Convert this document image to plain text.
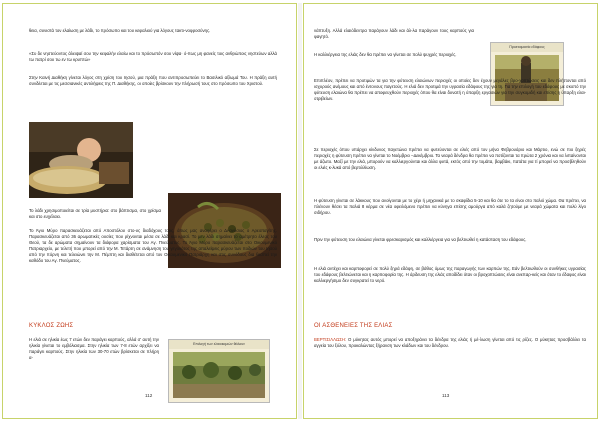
θεια, συνιστά τον ελαίωση με λάδι, το πρόσωπο και του κεφαλιού για λόγους τακτι-νοφροσύνης.
«Συ δε νηστεύοντος άλειψαί σου την κεφαλήν ελαίω και το πρόσωπόν σου νίψα· ό-πως μη φανείς τοις ανθρώποις νηστεύων αλλά τω πατρί σου τω εν τω κρυπτώ»
Στην Καινή Διαθήκη γίνεται λόγος στη χρίση του Ιησού, μια πράξη που αντιπροσωπεύει το Βασιλικό αξίωμά Του. Η πράξη αυτή συνδέεται με τις μεσσιανικές αντιλήψεις της Π. Διαθήκης, οι οποίες βρίσκουν την πλήρωσή τους στο πρόσωπο του Χριστού.
Το λάδι χρησιμοποιείται σε τρία μυστήρια: στο βάπτισμα, στο χρίσμα και στο ευχέλαιο.
Το Άγιο Μύρο παρασκευάζεται από Αποστόλου στο-υς διαδόχους τους, όπως μας αναφέρει ο Δι-ονύσιος ο Αρεοπαγίτης. Παρασκευάζεται από 36 αρωματικές ουσίες που ρίχνονται μέσα σε λάδι και κρασί. Το μεν λάδι σημαίνει το αμέτρητο έλεος του Θεού, τα δε αρώματα σημαίνουν τα διάφορα χαρίσματα του Αγ. Πνεύματος. Το Άγιο Μύρο παρασκευάζεται στο Οικουμενικό Πατριαρχείο, με τελετή που μπορεί από την Μ. Τετάρτη σε ανάμνηση του γεγονότος της απαλείψεις μύρου των ποδιών του Ιησού από την πόρνη και τελειώνει την Μ. Πέμπτη και διαθέτεται από τον Οικουμενικό Πατριάρχη και στις συνόδους δια θεσπεί την καθόδο του Αγ. Πνεύματος.
ΚΥΚΛΟΣ ΖΩΗΣ
Η ελιά σε ηλικία έως 7 ετών δεν παράγει καρπούς, αλλά σ' αυτή την ηλικία γίνεται το εμβόλιασμα. Στην ηλικία των 7-8 ετών αρχίζει να παράγει καρπούς. Στην ηλικία των 30-70 ετών βρίσκεται σε πλήρη α-
Επιλογή των ελαιοκομιών θάλουν
112
νάπτυξη. Αλλά ελαιόδεντρα παράγουν λάδι και άλ-λα παράγουν τους καρπούς για φαγητό.
Η καλλιέργεια της ελιάς δεν θα πρέπει να γίνεται σε πολύ ψυχρές περιοχές.
Προετοιμασία εδάφους
Επιπλέον, πρέπει να προτιμών τα για την φύτευση ελαιώνων περιοχές οι οποίες δεν έχουν μεγάλες βρο-χοπτώσεις και δεν πλήττονται από ισχυρούς ανέμους και από έντονους παγετούς. Η ελιά δεν προτιμά την υγρασία εδάφους της για τη. Για την επιλογή του εδάφους με σκοπό την φύτευση ελαιώνα θα πρέπει να αποφευχθούν περιοχές όπου θα είναι δυνατή η ύπαρξη εργασιών για την συγκομιδή και επίσης η ύπαρξη ελαι-οτριβείων.
Σε περιοχές όπου υπάρχει κίνδυνος παγετώνα πρέπει να φυτεύονται σε ελιές από τον μήνα Φεβρουάριο και Μάρτιο, ενώ σε πιο ξηρές περιοχές η φύτευση πρέπει να γίνεται το Νοέμβριο –Δεκέμβριο. Τα νεαρά δένδρα θα πρέπει να ποτίζονται τα πρώτα 2 χρόνια και να λιπαίνονται με άζωτο. Μαζί με την ελιά, μπορούν να καλλιεργούνται και άλλα φυτά, εκτός από την τομάτα, βαμβάκι, πατάτα για τί μπορεί να προσβληθούν οι ελιές κ-λυκά από βερτιλλίωση.
Η φύτευση γίνεται σε λάκκους που ανοίγονται με το χέρι ή μηχανικά με το σκαφίδια 5-10 και θα ότε το τα είναι στο παλιό χώμα. Θα πρέπει, να πλένουν θέσει τα παλιά 8 κέρμα σε νέα οφειλόμενο πρέπει να κύνηγα επίσης αμούργα από καλά ζητούμε με νεαρά χώματα και πολύ λίγο σιδήρου.
Πριν την φύτευση του ελαιώνα γίνεται φρεσκαρισμός και καλλιέργεια για να βελτιωθεί η κατάσταση του εδάφους.
Η ελιά αντέχει και καρποφορεί σε πολύ ξηρά εδάφη, σε βάθος όμως της παραγωγής των καρπών της. Εάν βελτιωθούν οι συνθήκες υγρασίας του εδάφους βελτιώνεται και η καρποφορία της. Η άρδευση της ελιάς αποδίδει όταν οι βροχοπτώσεις είναι ανεπαρ-κείς και όταν το έδαφος είναι καλλιεργήσιμο δεν συγκρατεί το νερό.
ΟΙ ΑΣΘΕΝΕΙΕΣ ΤΗΣ ΕΛΙΑΣ
ΒΕΡΤΙΣΙΛΛΩΣΗ: Ο μύκητας αυτός μπορεί να αποξηράνει τα δένδρα της ελιάς ή μέ-λωση γίνεται από τις ρίζες. Ο μύκητας προσβάλλει τα αγγεία του ξύλου, προκαλώντας ξήρανση των κλάδων και του δένδρου.
113
